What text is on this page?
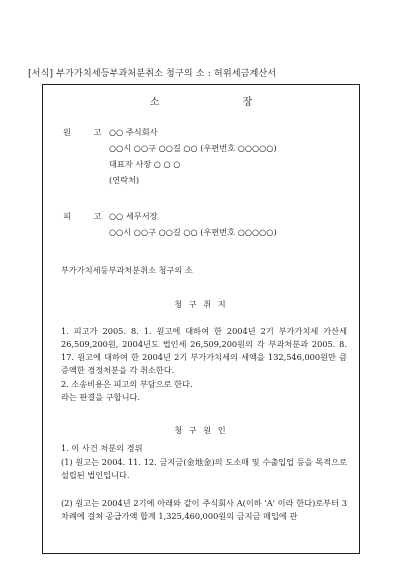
[서식] 부가가치세등부과처분취소 청구의 소 : 허위세금계산서
소 장
원 고
○○ 주식회사
○○시 ○○구 ○○길 ○○ (우편번호 ○○○○○)
대표자 사장 ○ ○ ○
(연락처)
피 고
○○ 세무서장
○○시 ○○구 ○○길 ○○ (우편번호 ○○○○○)
부가가치세등부과처분취소 청구의 소
청 구 취 지
1. 피고가 2005. 8. 1. 원고에 대하여 한 2004년 2기 부가가치세 가산세 26,509,200원, 2004년도 법인세 26,509,200원의 각 부과처분과 2005. 8. 17. 원고에 대하여 한 2004년 2기 부가가치세의 세액을 132,546,000원만 큼 증액한 경정처분을 각 취소한다.
2. 소송비용은 피고의 부담으로 한다.
라는 판결을 구합니다.
청 구 원 인
1. 이 사건 처분의 경위
(1) 원고는 2004. 11. 12. 금지금(金地金)의 도소매 및 수출입업 등을 목적으로 설립된 법인입니다.
(2) 원고는 2004년 2기에 아래와 같이 주식회사 A(이하 'A' 이라 한다)로부터 3차례에 걸쳐 공급가액 합계 1,325,460,000원의 금지금 매입에 관
